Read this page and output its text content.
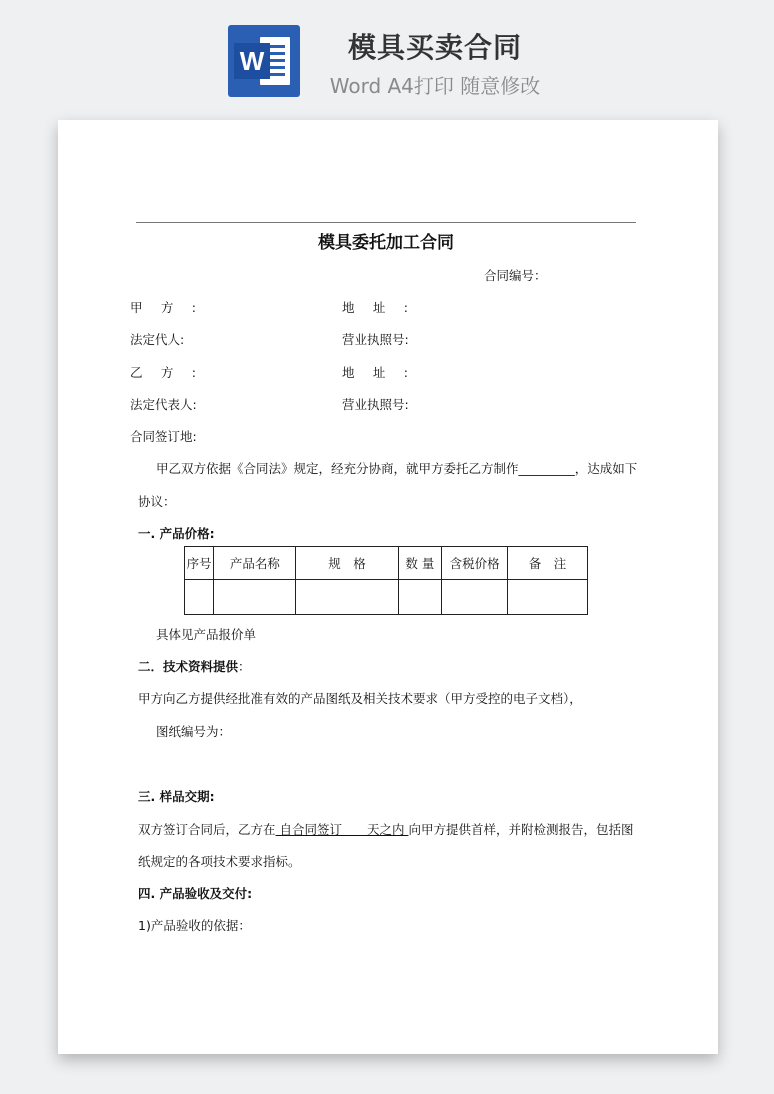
W	模具买卖合同
Word A4打印 随意修改
模具委托加工合同
合同编号：
甲方:	地址:
法定代人:	营业执照号:
乙方:	地址:
法定代表人:	营业执照号:
合同签订地:
甲乙双方依据《合同法》规定，经充分协商，就甲方委托乙方制作_________，达成如下
协议：
一. 产品价格:
序号	产品名称	规　格	数 量	含税价格	备　注

具体见产品报价单
二．技术资料提供：
甲方向乙方提供经批准有效的产品图纸及相关技术要求（甲方受控的电子文档），
图纸编号为：
三. 样品交期:
双方签订合同后，乙方在 自合同签订　　天之内 向甲方提供首样，并附检测报告，包括图
纸规定的各项技术要求指标。
四. 产品验收及交付:
1)产品验收的依据：
